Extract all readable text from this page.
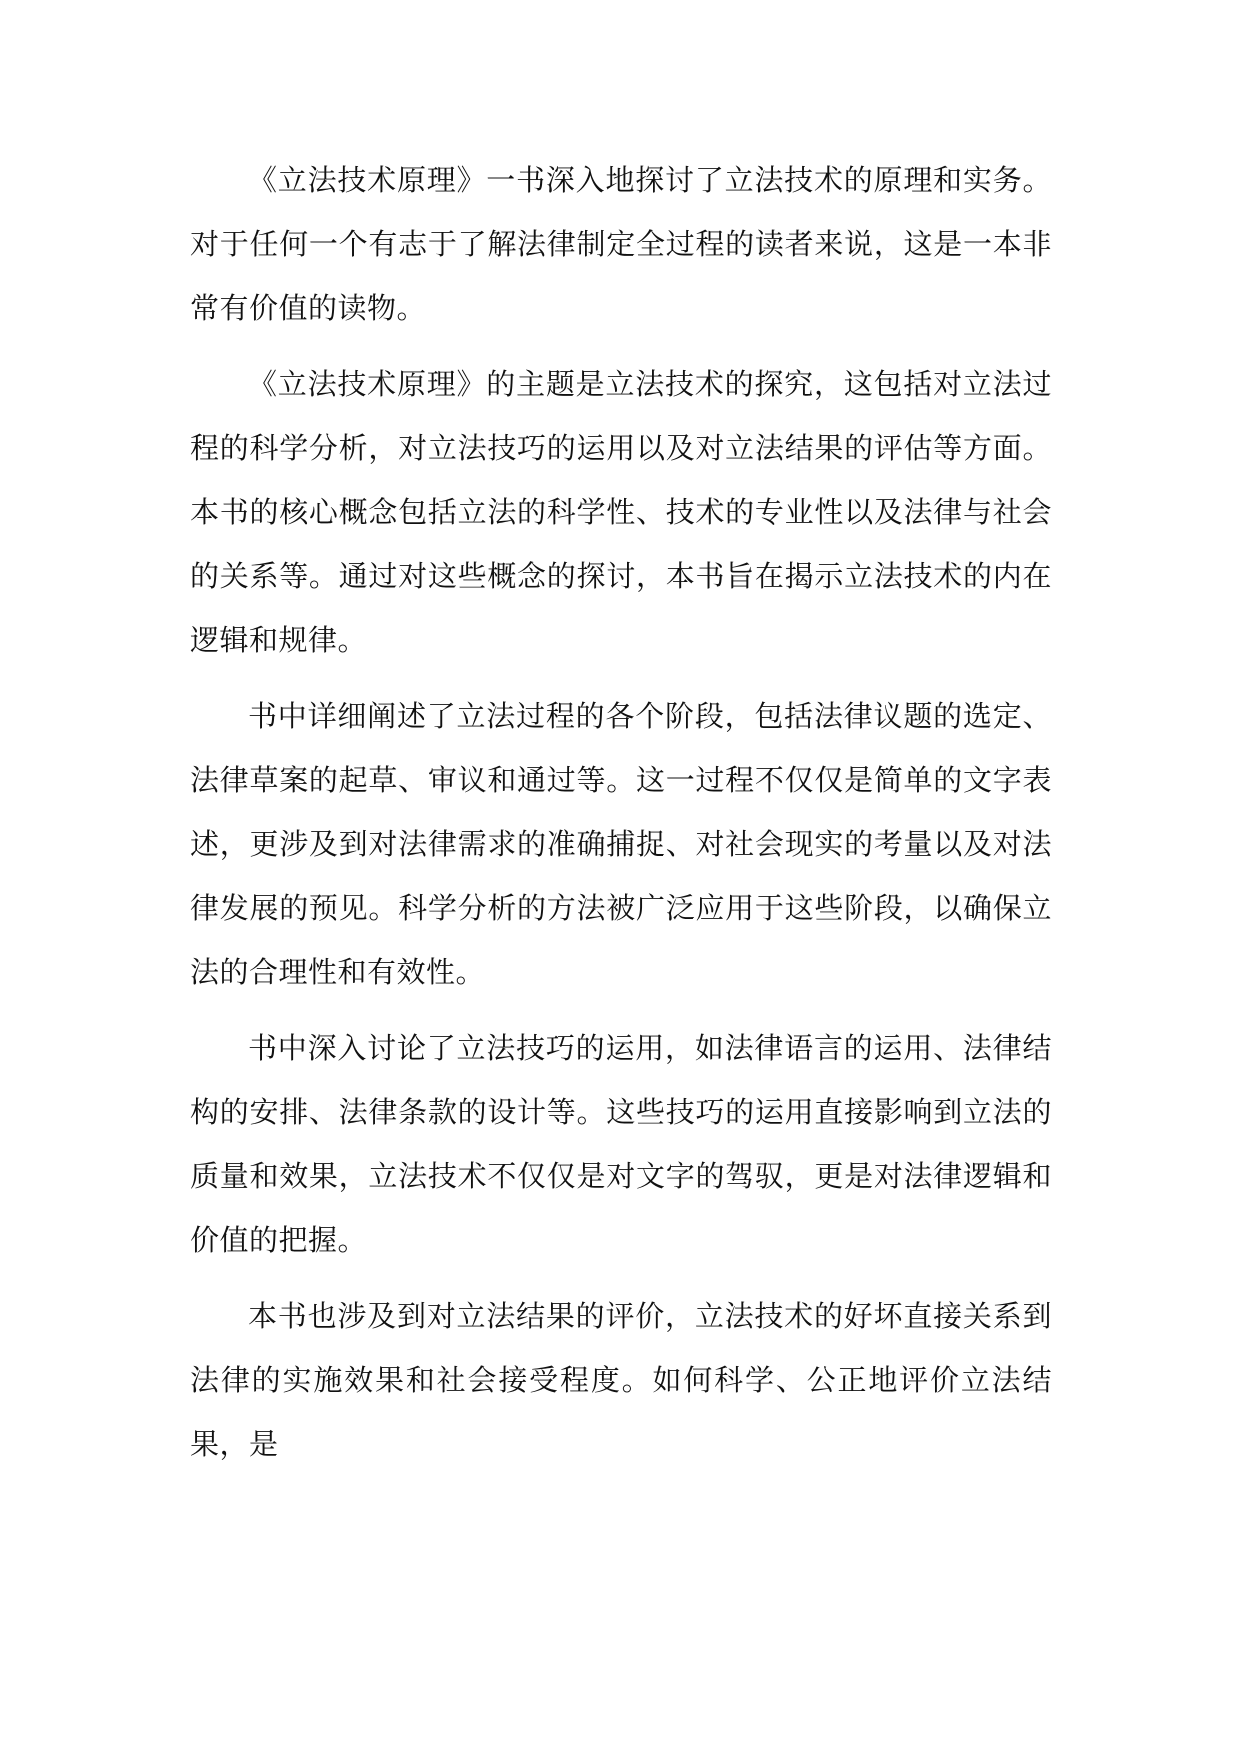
《立法技术原理》一书深入地探讨了立法技术的原理和实务。对于任何一个有志于了解法律制定全过程的读者来说，这是一本非常有价值的读物。

《立法技术原理》的主题是立法技术的探究，这包括对立法过程的科学分析，对立法技巧的运用以及对立法结果的评估等方面。本书的核心概念包括立法的科学性、技术的专业性以及法律与社会的关系等。通过对这些概念的探讨，本书旨在揭示立法技术的内在逻辑和规律。

书中详细阐述了立法过程的各个阶段，包括法律议题的选定、法律草案的起草、审议和通过等。这一过程不仅仅是简单的文字表述，更涉及到对法律需求的准确捕捉、对社会现实的考量以及对法律发展的预见。科学分析的方法被广泛应用于这些阶段，以确保立法的合理性和有效性。

书中深入讨论了立法技巧的运用，如法律语言的运用、法律结构的安排、法律条款的设计等。这些技巧的运用直接影响到立法的质量和效果，立法技术不仅仅是对文字的驾驭，更是对法律逻辑和价值的把握。

本书也涉及到对立法结果的评价，立法技术的好坏直接关系到法律的实施效果和社会接受程度。如何科学、公正地评价立法结果，是
